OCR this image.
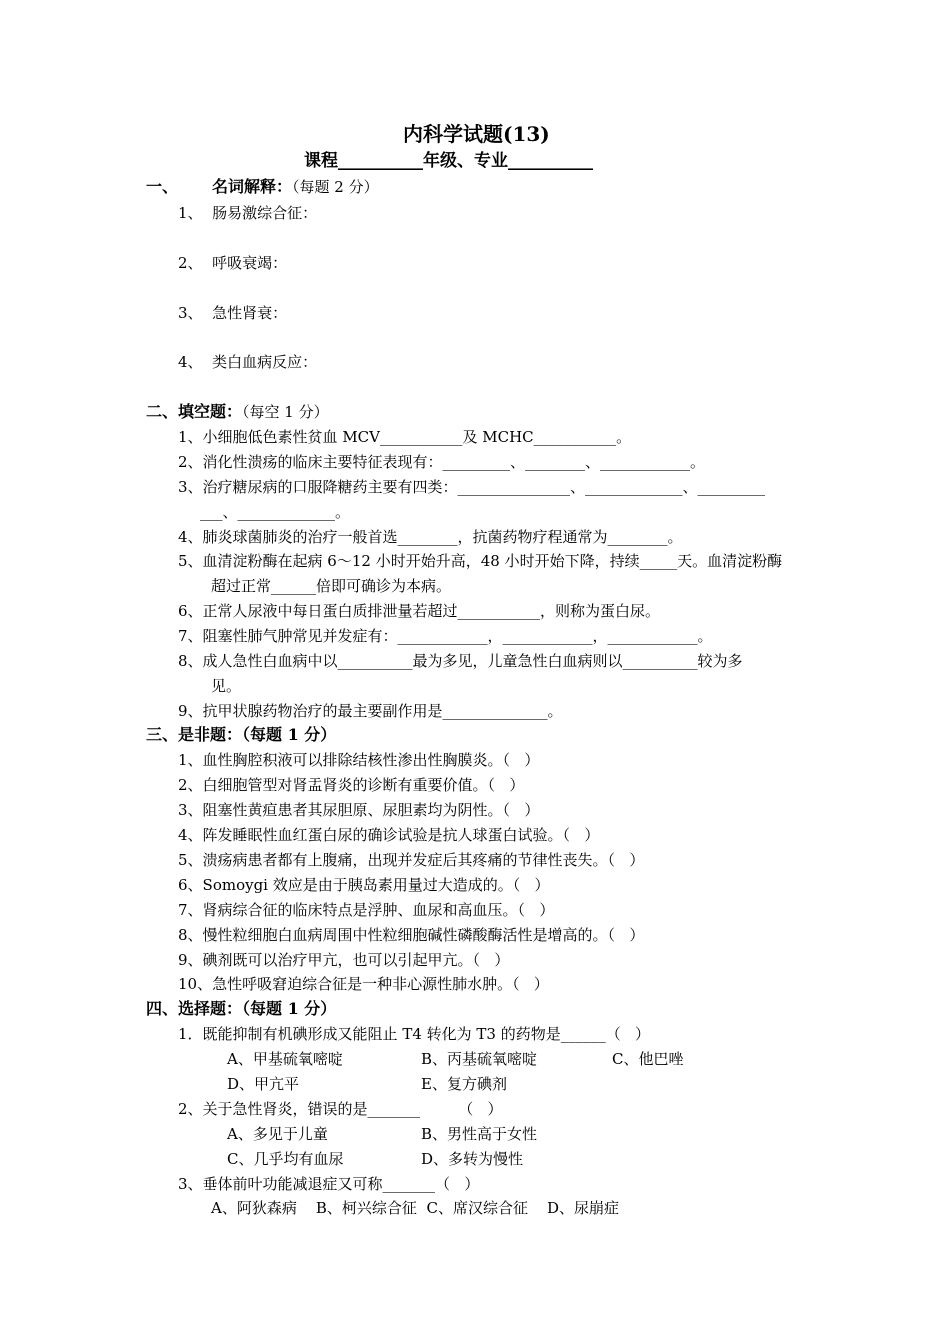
内科学试题(13)
课程__________年级、专业__________
一、 名词解释：（每题 2 分）
1、  肠易激综合征：
2、  呼吸衰竭：
3、  急性肾衰：
4、  类白血病反应：
二、填空题：（每空 1 分）
1、小细胞低色素性贫血 MCV___________及 MCHC___________。
2、消化性溃疡的临床主要特征表现有：_________、________、____________。
3、治疗糖尿病的口服降糖药主要有四类：_______________、_____________、_________
___、_____________。
4、肺炎球菌肺炎的治疗一般首选________，抗菌药物疗程通常为________。
5、血清淀粉酶在起病 6～12 小时开始升高，48 小时开始下降，持续_____天。血清淀粉酶
超过正常______倍即可确诊为本病。
6、正常人尿液中每日蛋白质排泄量若超过___________，则称为蛋白尿。
7、阻塞性肺气肿常见并发症有：____________，____________，____________。
8、成人急性白血病中以__________最为多见，儿童急性白血病则以__________较为多
见。
9、抗甲状腺药物治疗的最主要副作用是______________。
三、是非题：（每题 1 分）
1、血性胸腔积液可以排除结核性渗出性胸膜炎。（   ）
2、白细胞管型对肾盂肾炎的诊断有重要价值。（   ）
3、阻塞性黄疸患者其尿胆原、尿胆素均为阴性。（   ）
4、阵发睡眠性血红蛋白尿的确诊试验是抗人球蛋白试验。（   ）
5、溃疡病患者都有上腹痛，出现并发症后其疼痛的节律性丧失。（   ）
6、Somoygi 效应是由于胰岛素用量过大造成的。（   ）
7、肾病综合征的临床特点是浮肿、血尿和高血压。（   ）
8、慢性粒细胞白血病周围中性粒细胞碱性磷酸酶活性是增高的。（   ）
9、碘剂既可以治疗甲亢，也可以引起甲亢。（   ）
10、急性呼吸窘迫综合征是一种非心源性肺水肿。（   ）
四、选择题：（每题 1 分）
1．既能抑制有机碘形成又能阻止 T4 转化为 T3 的药物是______（   ）
A、甲基硫氧嘧啶	B、丙基硫氧嘧啶	C、他巴唑
D、甲亢平	E、复方碘剂
2、关于急性肾炎，错误的是_______        （   ）
A、多见于儿童	B、男性高于女性
C、几乎均有血尿	D、多转为慢性
3、垂体前叶功能减退症又可称_______（   ）
A、阿狄森病    B、柯兴综合征  C、席汉综合征    D、尿崩症
